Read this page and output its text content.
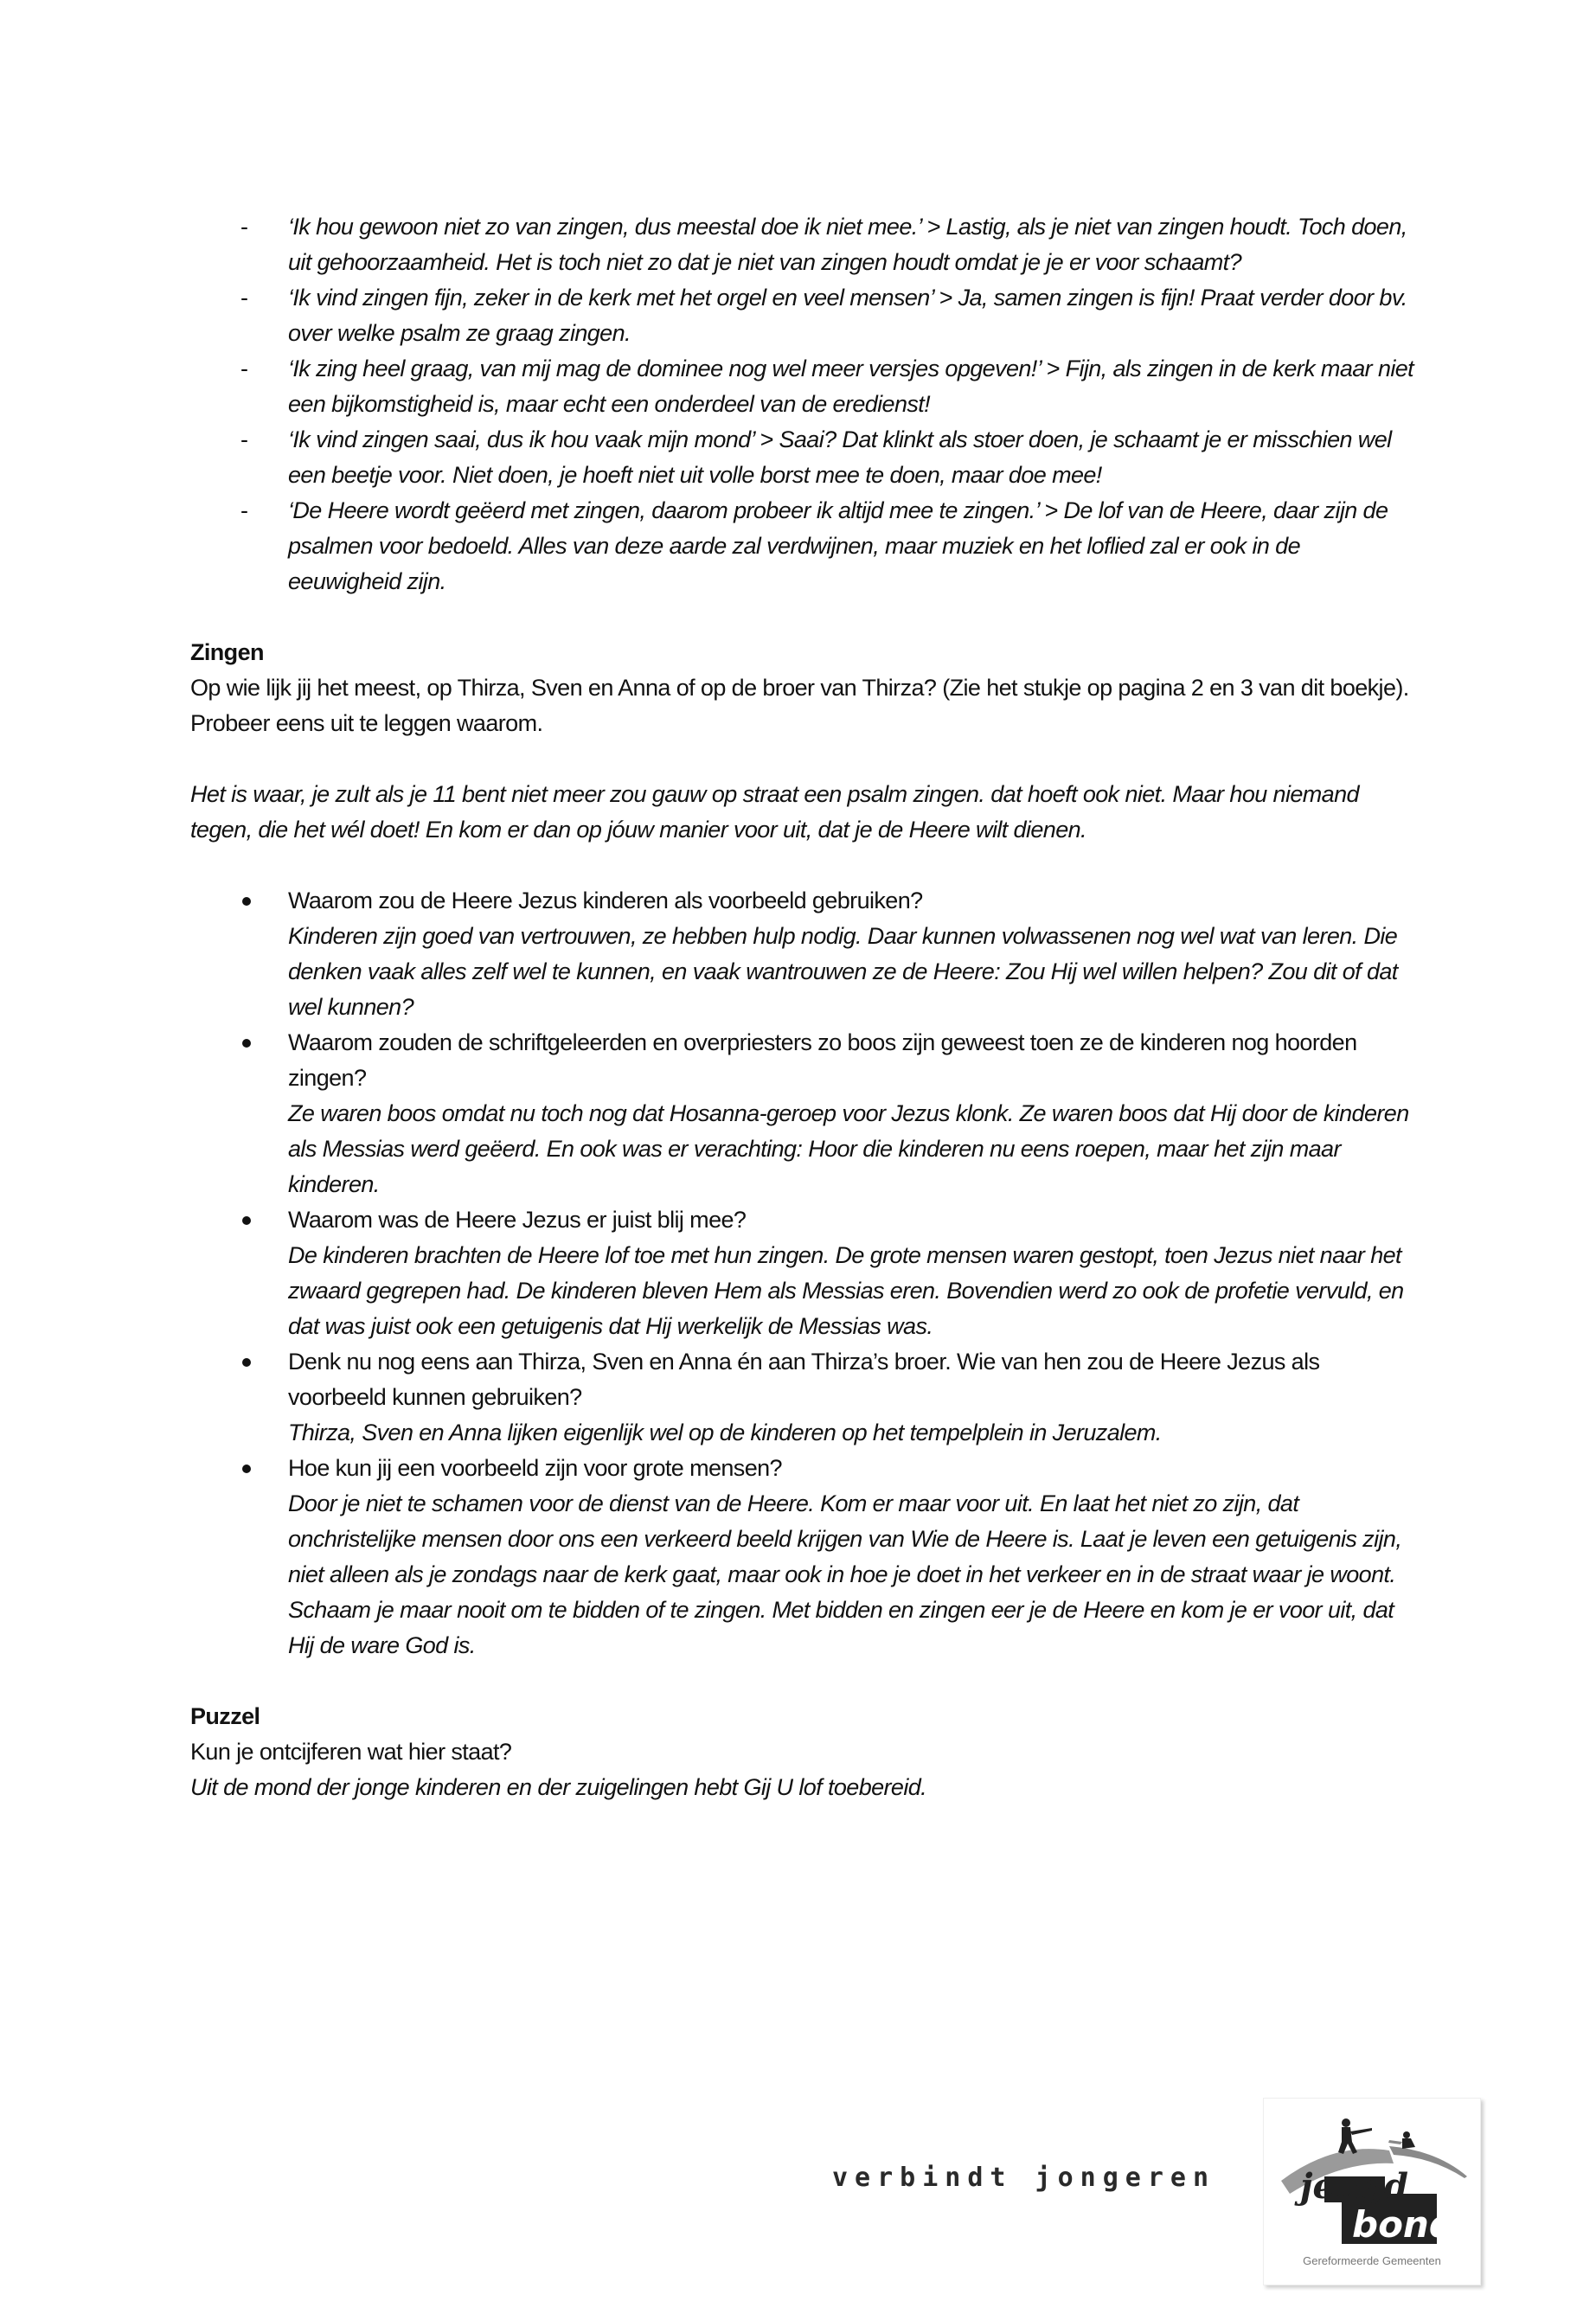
- ‘Ik hou gewoon niet zo van zingen, dus meestal doe ik niet mee.’ > Lastig, als je niet van zingen houdt. Toch doen, uit gehoorzaamheid. Het is toch niet zo dat je niet van zingen houdt omdat je je er voor schaamt?
- ‘Ik vind zingen fijn, zeker in de kerk met het orgel en veel mensen’ > Ja, samen zingen is fijn! Praat verder door bv. over welke psalm ze graag zingen.
- ‘Ik zing heel graag, van mij mag de dominee nog wel meer versjes opgeven!’ > Fijn, als zingen in de kerk maar niet een bijkomstigheid is, maar echt een onderdeel van de eredienst!
- ‘Ik vind zingen saai, dus ik hou vaak mijn mond’ > Saai? Dat klinkt als stoer doen, je schaamt je er misschien wel een beetje voor. Niet doen, je hoeft niet uit volle borst mee te doen, maar doe mee!
- ‘De Heere wordt geëerd met zingen, daarom probeer ik altijd mee te zingen.’ > De lof van de Heere, daar zijn de psalmen voor bedoeld. Alles van deze aarde zal verdwijnen, maar muziek en het loflied zal er ook in de eeuwigheid zijn.
Zingen
Op wie lijk jij het meest, op Thirza, Sven en Anna of op de broer van Thirza? (Zie het stukje op pagina 2 en 3 van dit boekje). Probeer eens uit te leggen waarom.
Het is waar, je zult als je 11 bent niet meer zou gauw op straat een psalm zingen. dat hoeft ook niet. Maar hou niemand tegen, die het wél doet! En kom er dan op jóuw manier voor uit, dat je de Heere wilt dienen.
Waarom zou de Heere Jezus kinderen als voorbeeld gebruiken?
Kinderen zijn goed van vertrouwen, ze hebben hulp nodig. Daar kunnen volwassenen nog wel wat van leren. Die denken vaak alles zelf wel te kunnen, en vaak wantrouwen ze de Heere: Zou Hij wel willen helpen? Zou dit of dat wel kunnen?
Waarom zouden de schriftgeleerden en overpriesters zo boos zijn geweest toen ze de kinderen nog hoorden zingen?
Ze waren boos omdat nu toch nog dat Hosanna-geroep voor Jezus klonk. Ze waren boos dat Hij door de kinderen als Messias werd geëerd. En ook was er verachting: Hoor die kinderen nu eens roepen, maar het zijn maar kinderen.
Waarom was de Heere Jezus er juist blij mee?
De kinderen brachten de Heere lof toe met hun zingen. De grote mensen waren gestopt, toen Jezus niet naar het zwaard gegrepen had. De kinderen bleven Hem als Messias eren. Bovendien werd zo ook de profetie vervuld, en dat was juist ook een getuigenis dat Hij werkelijk de Messias was.
Denk nu nog eens aan Thirza, Sven en Anna én aan Thirza’s broer. Wie van hen zou de Heere Jezus als voorbeeld kunnen gebruiken?
Thirza, Sven en Anna lijken eigenlijk wel op de kinderen op het tempelplein in Jeruzalem.
Hoe kun jij een voorbeeld zijn voor grote mensen?
Door je niet te schamen voor de dienst van de Heere. Kom er maar voor uit. En laat het niet zo zijn, dat onchristelijke mensen door ons een verkeerd beeld krijgen van Wie de Heere is. Laat je leven een getuigenis zijn, niet alleen als je zondags naar de kerk gaat, maar ook in hoe je doet in het verkeer en in de straat waar je woont. Schaam je maar nooit om te bidden of te zingen. Met bidden en zingen eer je de Heere en kom je er voor uit, dat Hij de ware God is.
Puzzel
Kun je ontcijferen wat hier staat?
Uit de mond der jonge kinderen en der zuigelingen hebt Gij U lof toebereid.
verbindt jongeren jeugd
bond
Gereformeerde Gemeenten
